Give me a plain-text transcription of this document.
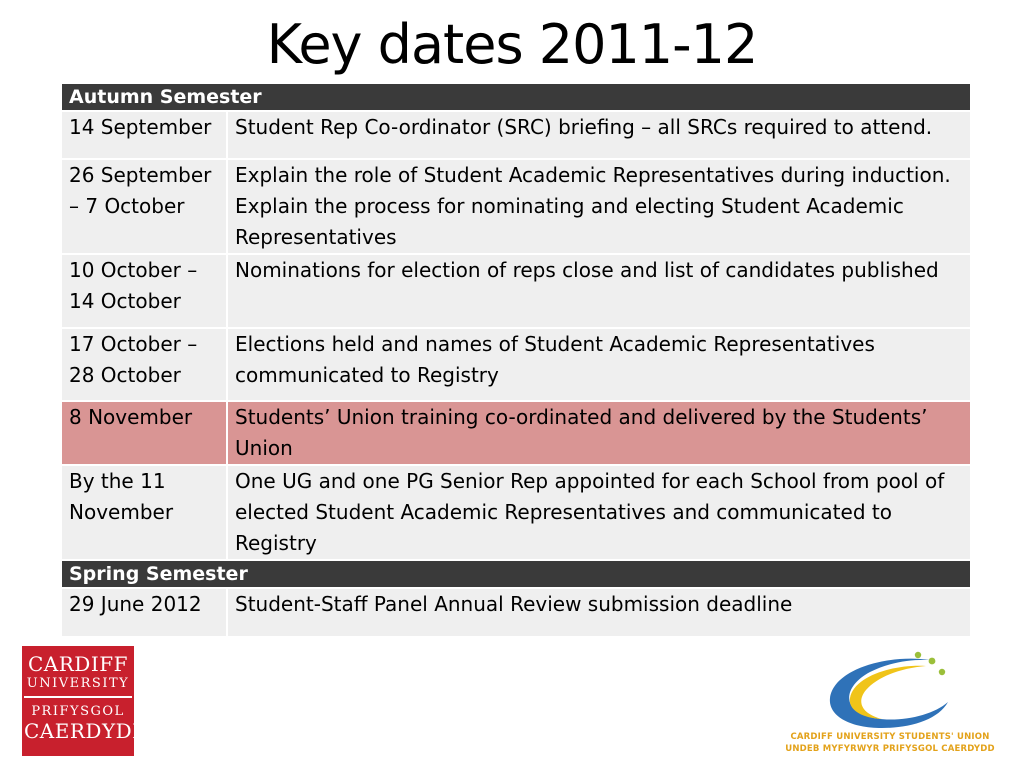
Key dates 2011-12
Autumn Semester	
14 September	Student Rep Co-ordinator (SRC) briefing – all SRCs required to attend.
26 September – 7 October	Explain the role of Student Academic Representatives during induction. Explain the process for nominating and electing Student Academic Representatives
10 October – 14 October	Nominations for election of reps close and list of candidates published
17 October – 28 October	Elections held and names of Student Academic Representatives communicated to Registry
8 November	Students’ Union training co-ordinated and delivered by the Students’ Union
By the 11 November	One UG and one PG Senior Rep appointed for each School from pool of elected Student Academic Representatives and communicated to Registry
Spring Semester	
29 June 2012	Student-Staff Panel Annual Review submission deadline
CARDIFF
UNIVERSITY
PRIFYSGOL
CAERDYDD	CARDIFF UNIVERSITY STUDENTS' UNION
UNDEB MYFYRWYR PRIFYSGOL CAERDYDD
